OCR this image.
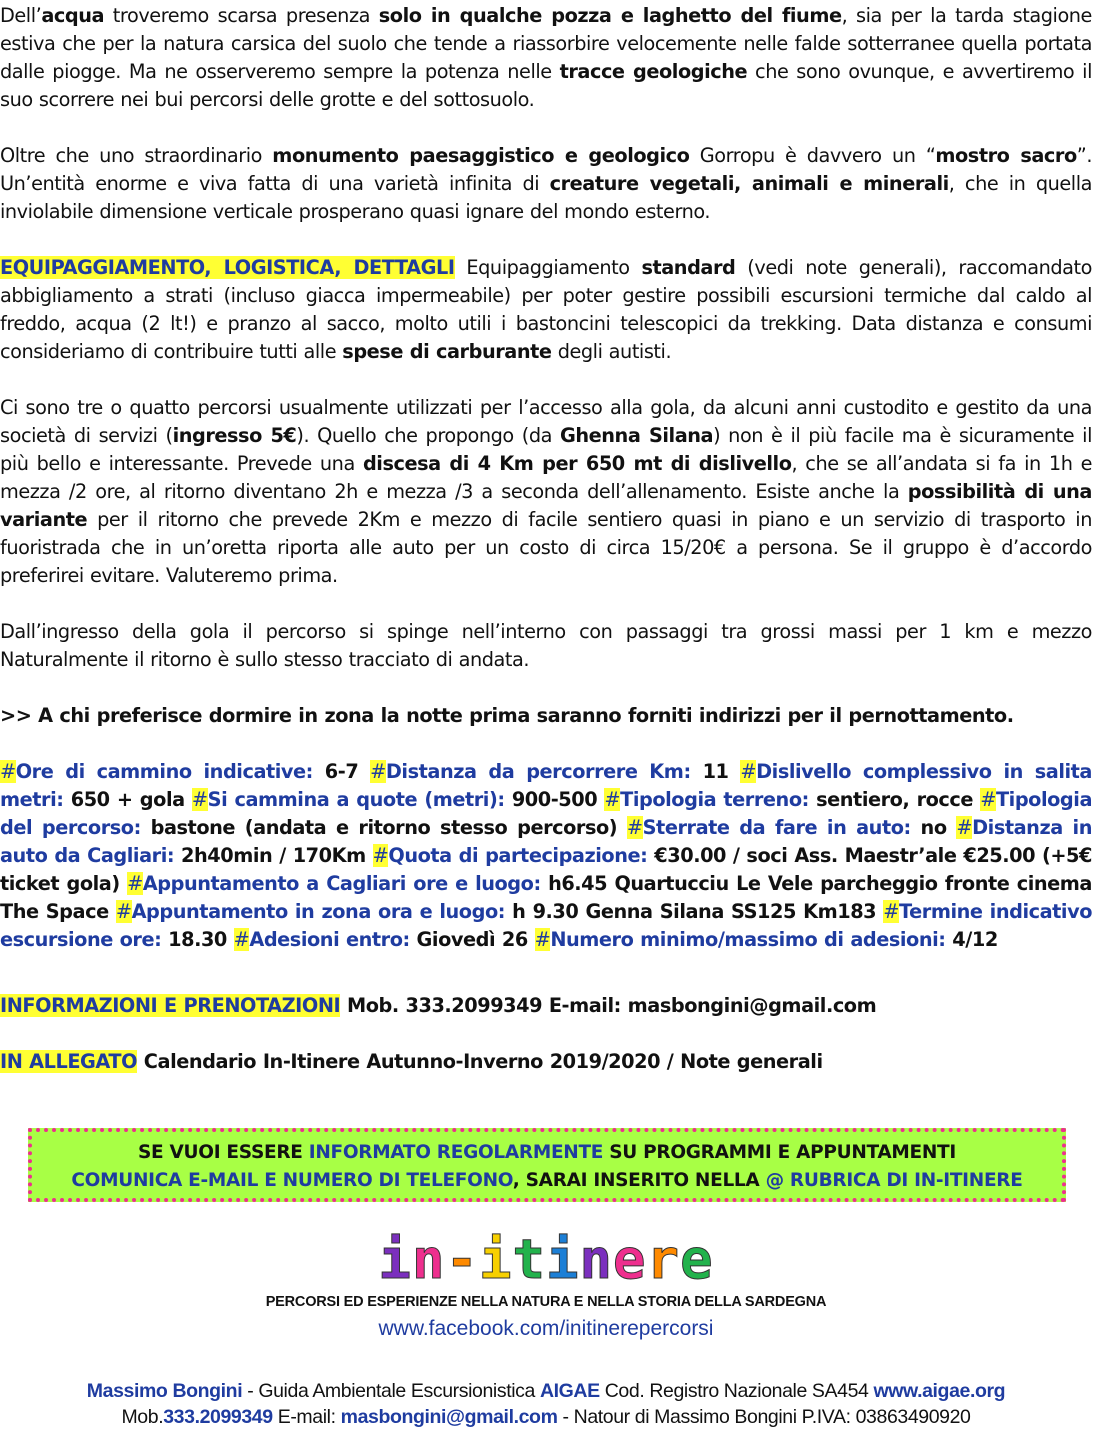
Dell’acqua troveremo scarsa presenza solo in qualche pozza e laghetto del fiume, sia per la tarda stagione estiva che per la natura carsica del suolo che tende a riassorbire velocemente nelle falde sotterranee quella portata dalle piogge. Ma ne osserveremo sempre la potenza nelle tracce geologiche che sono ovunque, e avvertiremo il suo scorrere nei bui percorsi delle grotte e del sottosuolo.

Oltre che uno straordinario monumento paesaggistico e geologico Gorropu è davvero un “mostro sacro”. Un’entità enorme e viva fatta di una varietà infinita di creature vegetali, animali e minerali, che in quella inviolabile dimensione verticale prosperano quasi ignare del mondo esterno.

EQUIPAGGIAMENTO, LOGISTICA, DETTAGLI Equipaggiamento standard (vedi note generali), raccomandato abbigliamento a strati (incluso giacca impermeabile) per poter gestire possibili escursioni termiche dal caldo al freddo, acqua (2 lt!) e pranzo al sacco, molto utili i bastoncini telescopici da trekking. Data distanza e consumi consideriamo di contribuire tutti alle spese di carburante degli autisti.

Ci sono tre o quatto percorsi usualmente utilizzati per l’accesso alla gola, da alcuni anni custodito e gestito da una società di servizi (ingresso 5€). Quello che propongo (da Ghenna Silana) non è il più facile ma è sicuramente il più bello e interessante. Prevede una discesa di 4 Km per 650 mt di dislivello, che se all’andata si fa in 1h e mezza /2 ore, al ritorno diventano 2h e mezza /3 a seconda dell’allenamento. Esiste anche la possibilità di una variante per il ritorno che prevede 2Km e mezzo di facile sentiero quasi in piano e un servizio di trasporto in fuoristrada che in un’oretta riporta alle auto per un costo di circa 15/20€ a persona. Se il gruppo è d’accordo preferirei evitare. Valuteremo prima.

Dall’ingresso della gola il percorso si spinge nell’interno con passaggi tra grossi massi per 1 km e mezzo Naturalmente il ritorno è sullo stesso tracciato di andata.

>> A chi preferisce dormire in zona la notte prima saranno forniti indirizzi per il pernottamento.

#Ore di cammino indicative: 6-7 #Distanza da percorrere Km: 11 #Dislivello complessivo in salita metri: 650 + gola #Si cammina a quote (metri): 900-500 #Tipologia terreno: sentiero, rocce #Tipologia del percorso: bastone (andata e ritorno stesso percorso) #Sterrate da fare in auto: no #Distanza in auto da Cagliari: 2h40min / 170Km #Quota di partecipazione: €30.00 / soci Ass. Maestr’ale €25.00 (+5€ ticket gola) #Appuntamento a Cagliari ore e luogo: h6.45 Quartucciu Le Vele parcheggio fronte cinema The Space #Appuntamento in zona ora e luogo: h 9.30 Genna Silana SS125 Km183 #Termine indicativo escursione ore: 18.30 #Adesioni entro: Giovedì 26 #Numero minimo/massimo di adesioni: 4/12

INFORMAZIONI E PRENOTAZIONI Mob. 333.2099349 E-mail: masbongini@gmail.com

IN ALLEGATO Calendario In-Itinere Autunno-Inverno 2019/2020 / Note generali

SE VUOI ESSERE INFORMATO REGOLARMENTE SU PROGRAMMI E APPUNTAMENTI
COMUNICA E-MAIL E NUMERO DI TELEFONO, SARAI INSERITO NELLA @ RUBRICA DI IN-ITINERE
in-itinere
PERCORSI ED ESPERIENZE NELLA NATURA E NELLA STORIA DELLA SARDEGNA
www.facebook.com/initinerepercorsi
Massimo Bongini - Guida Ambientale Escursionistica AIGAE Cod. Registro Nazionale SA454 www.aigae.org
Mob.333.2099349 E-mail: masbongini@gmail.com - Natour di Massimo Bongini P.IVA: 03863490920
